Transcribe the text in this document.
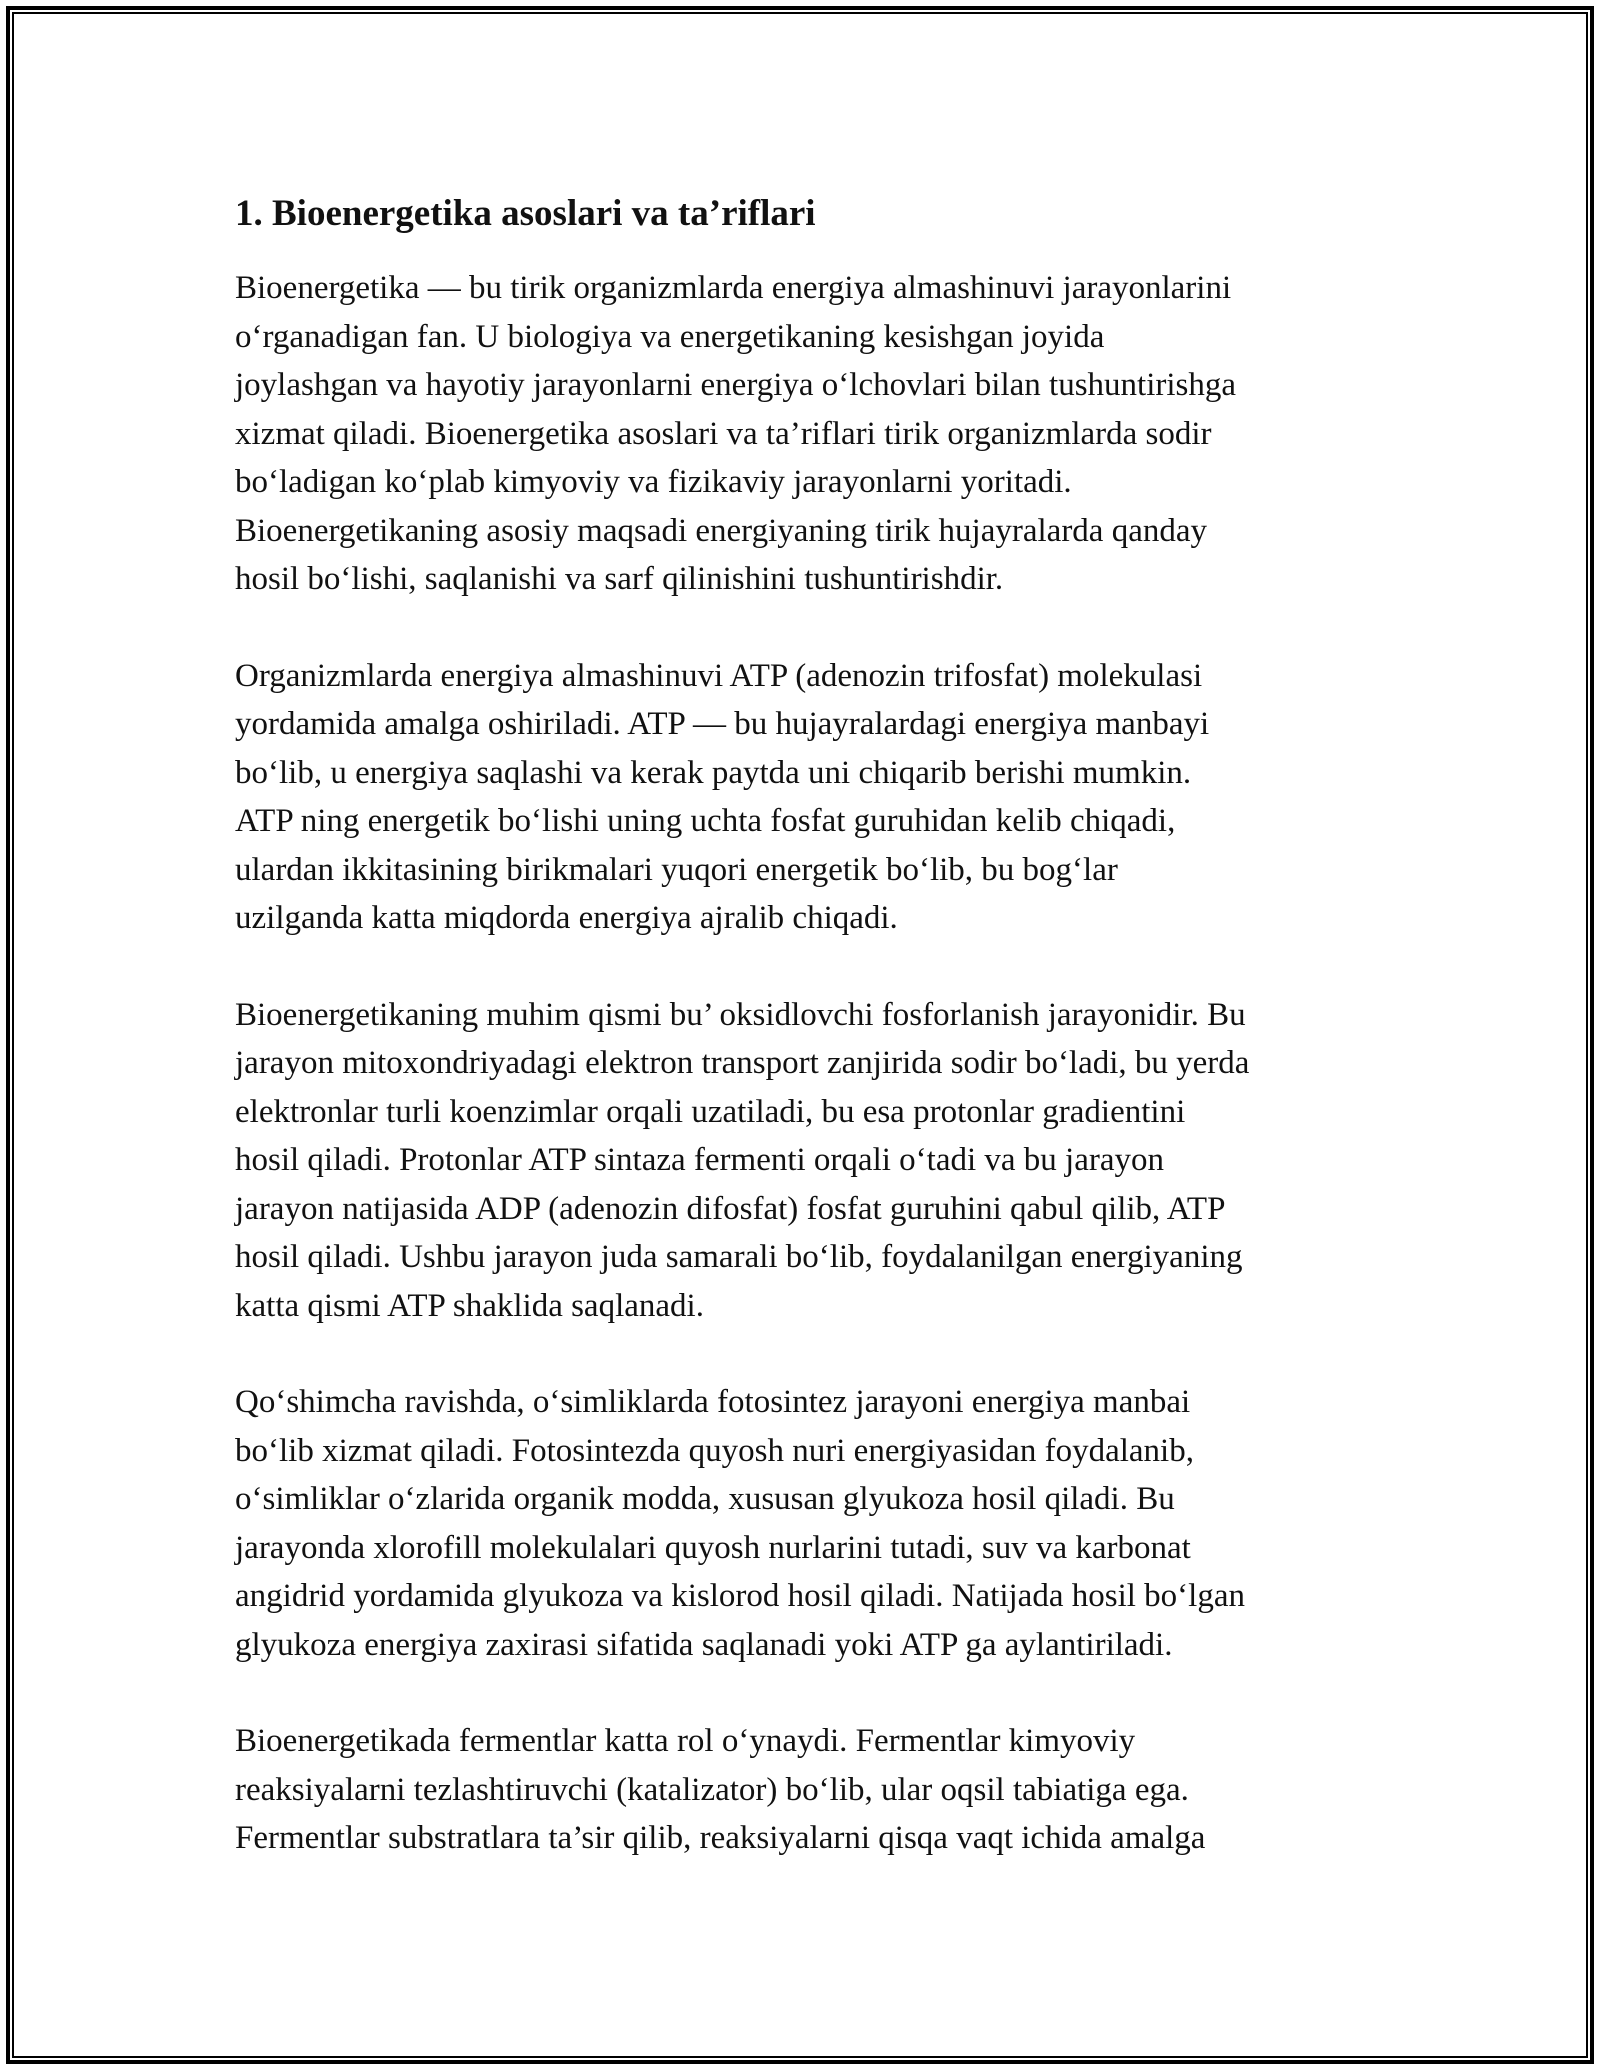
1. Bioenergetika asoslari va ta’riflari

Bioenergetika — bu tirik organizmlarda energiya almashinuvi jarayonlarini
o‘rganadigan fan. U biologiya va energetikaning kesishgan joyida
joylashgan va hayotiy jarayonlarni energiya o‘lchovlari bilan tushuntirishga
xizmat qiladi. Bioenergetika asoslari va ta’riflari tirik organizmlarda sodir
bo‘ladigan ko‘plab kimyoviy va fizikaviy jarayonlarni yoritadi.
Bioenergetikaning asosiy maqsadi energiyaning tirik hujayralarda qanday
hosil bo‘lishi, saqlanishi va sarf qilinishini tushuntirishdir.

Organizmlarda energiya almashinuvi ATP (adenozin trifosfat) molekulasi
yordamida amalga oshiriladi. ATP — bu hujayralardagi energiya manbayi
bo‘lib, u energiya saqlashi va kerak paytda uni chiqarib berishi mumkin.
ATP ning energetik bo‘lishi uning uchta fosfat guruhidan kelib chiqadi,
ulardan ikkitasining birikmalari yuqori energetik bo‘lib, bu bog‘lar
uzilganda katta miqdorda energiya ajralib chiqadi.

Bioenergetikaning muhim qismi bu’ oksidlovchi fosforlanish jarayonidir. Bu
jarayon mitoxondriyadagi elektron transport zanjirida sodir bo‘ladi, bu yerda
elektronlar turli koenzimlar orqali uzatiladi, bu esa protonlar gradientini
hosil qiladi. Protonlar ATP sintaza fermenti orqali o‘tadi va bu jarayon
jarayon natijasida ADP (adenozin difosfat) fosfat guruhini qabul qilib, ATP
hosil qiladi. Ushbu jarayon juda samarali bo‘lib, foydalanilgan energiyaning
katta qismi ATP shaklida saqlanadi.

Qo‘shimcha ravishda, o‘simliklarda fotosintez jarayoni energiya manbai
bo‘lib xizmat qiladi. Fotosintezda quyosh nuri energiyasidan foydalanib,
o‘simliklar o‘zlarida organik modda, xususan glyukoza hosil qiladi. Bu
jarayonda xlorofill molekulalari quyosh nurlarini tutadi, suv va karbonat
angidrid yordamida glyukoza va kislorod hosil qiladi. Natijada hosil bo‘lgan
glyukoza energiya zaxirasi sifatida saqlanadi yoki ATP ga aylantiriladi.

Bioenergetikada fermentlar katta rol o‘ynaydi. Fermentlar kimyoviy
reaksiyalarni tezlashtiruvchi (katalizator) bo‘lib, ular oqsil tabiatiga ega.
Fermentlar substratlara ta’sir qilib, reaksiyalarni qisqa vaqt ichida amalga
